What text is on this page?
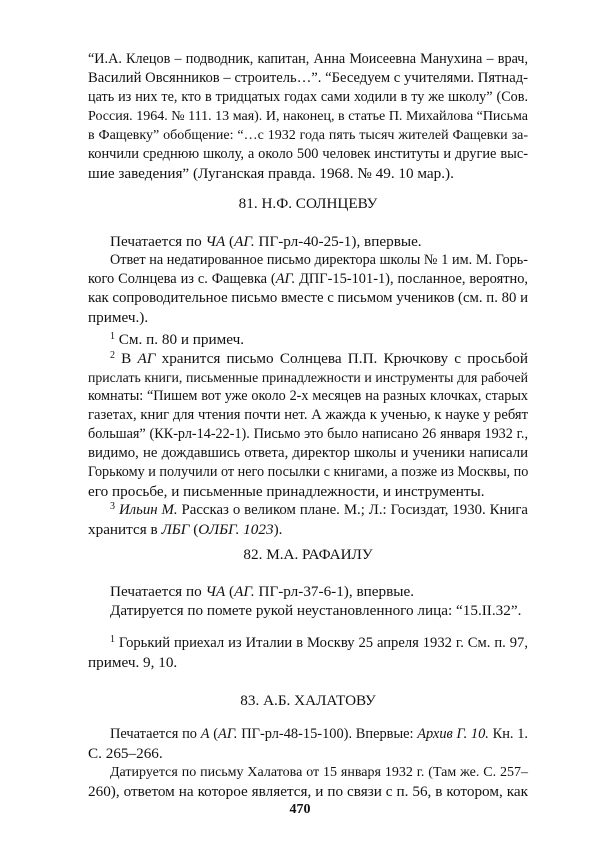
“И.А. Клецов – подводник, капитан, Анна Моисеевна Манухина – врач,
Василий Овсянников – строитель…”. “Беседуем с учителями. Пятнад-
цать из них те, кто в тридцатых годах сами ходили в ту же школу” (Сов.
Россия. 1964. № 111. 13 мая). И, наконец, в статье П. Михайлова “Письма
в Фащевку” обобщение: “…с 1932 года пять тысяч жителей Фащевки за-
кончили среднюю школу, а около 500 человек институты и другие выс-
шие заведения” (Луганская правда. 1968. № 49. 10 мар.).
81. Н.Ф. СОЛНЦЕВУ
Печатается по ЧА (АГ. ПГ-рл-40-25-1), впервые.
Ответ на недатированное письмо директора школы № 1 им. М. Горь-
кого Солнцева из с. Фащевка (АГ. ДПГ-15-101-1), посланное, вероятно,
как сопроводительное письмо вместе с письмом учеников (см. п. 80 и
примеч.).
$^1$ См. п. 80 и примеч.
$^2$ В АГ хранится письмо Солнцева П.П. Крючкову с просьбой
прислать книги, письменные принадлежности и инструменты для рабочей
комнаты: “Пишем вот уже около 2-х месяцев на разных клочках, старых
газетах, книг для чтения почти нет. А жажда к ученью, к науке у ребят
большая” (КК-рл-14-22-1). Письмо это было написано 26 января 1932 г.,
видимо, не дождавшись ответа, директор школы и ученики написали
Горькому и получили от него посылки с книгами, а позже из Москвы, по
его просьбе, и письменные принадлежности, и инструменты.
$^3$ Ильин М. Рассказ о великом плане. М.; Л.: Госиздат, 1930. Книга
хранится в ЛБГ (ОЛБГ. 1023).
82. М.А. РАФАИЛУ
Печатается по ЧА (АГ. ПГ-рл-37-6-1), впервые.
Датируется по помете рукой неустановленного лица: “15.II.32”.
$^1$ Горький приехал из Италии в Москву 25 апреля 1932 г. См. п. 97,
примеч. 9, 10.
83. А.Б. ХАЛАТОВУ
Печатается по А (АГ. ПГ-рл-48-15-100). Впервые: Архив Г. 10. Кн. 1.
С. 265–266.
Датируется по письму Халатова от 15 января 1932 г. (Там же. С. 257–
260), ответом на которое является, и по связи с п. 56, в котором, как
470
